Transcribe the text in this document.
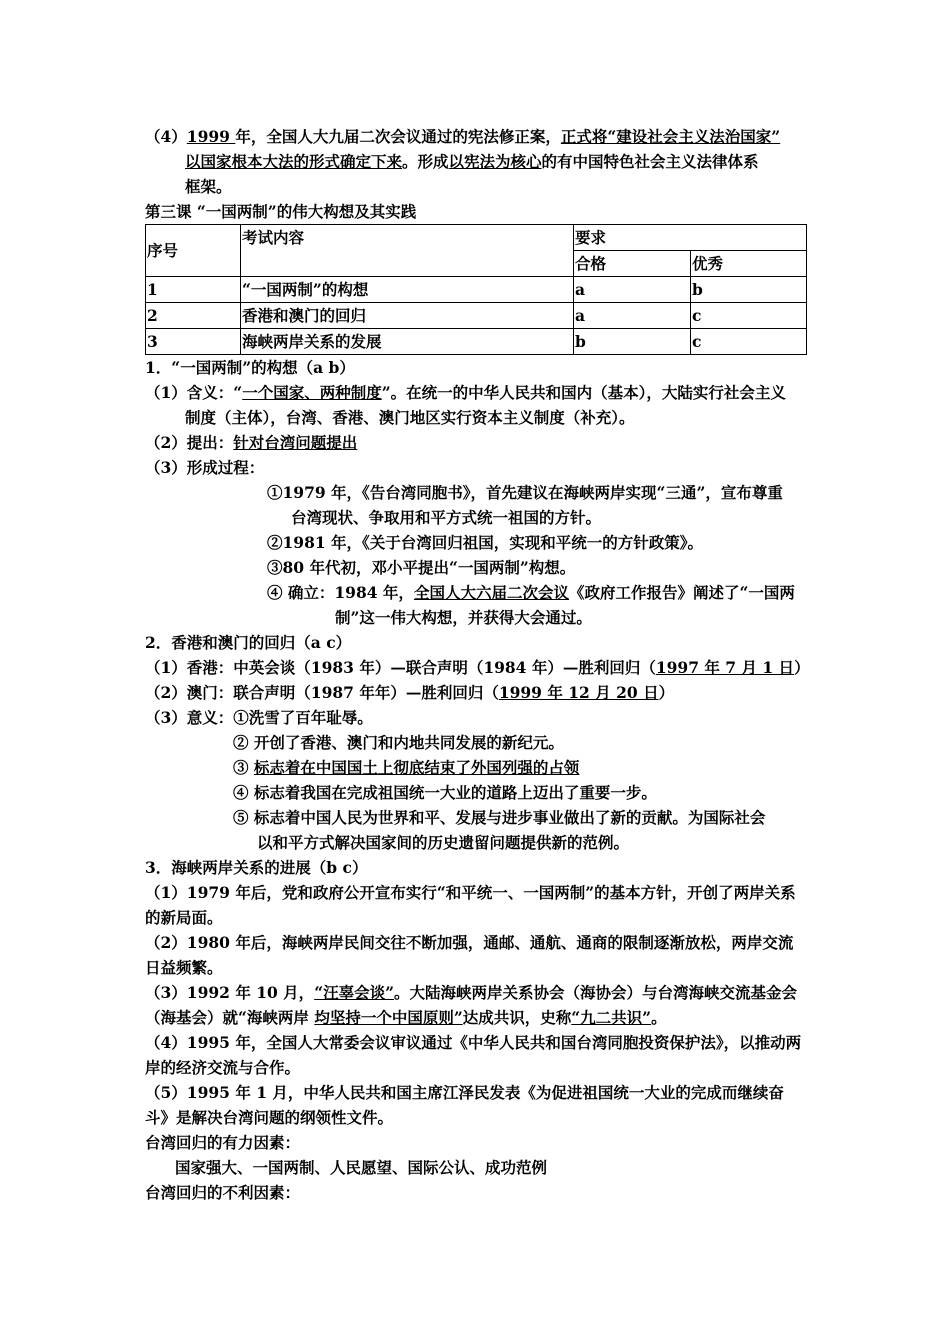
（4）1999 年，全国人大九届二次会议通过的宪法修正案，正式将“建设社会主义法治国家”
以国家根本大法的形式确定下来。形成以宪法为核心的有中国特色社会主义法律体系
框架。
第三课 “一国两制”的伟大构想及其实践
序号	考试内容	要求	
		合格	优秀
1	“一国两制”的构想	a	b
2	香港和澳门的回归	a	c
3	海峡两岸关系的发展	b	c
1．“一国两制”的构想（a b）
（1）含义：“一个国家、两种制度”。在统一的中华人民共和国内（基本），大陆实行社会主义
制度（主体），台湾、香港、澳门地区实行资本主义制度（补充）。
（2）提出：针对台湾问题提出
（3）形成过程：
①1979 年，《告台湾同胞书》，首先建议在海峡两岸实现“三通”，宣布尊重
台湾现状、争取用和平方式统一祖国的方针。
②1981 年，《关于台湾回归祖国，实现和平统一的方针政策》。
③80 年代初，邓小平提出“一国两制”构想。
④ 确立：1984 年，全国人大六届二次会议《政府工作报告》阐述了“一国两
制”这一伟大构想，并获得大会通过。
2．香港和澳门的回归（a c）
（1）香港：中英会谈（1983 年）—联合声明（1984 年）—胜利回归（1997 年 7 月 1 日）
（2）澳门：联合声明（1987 年年）—胜利回归（1999 年 12 月 20 日）
（3）意义：①洗雪了百年耻辱。
② 开创了香港、澳门和内地共同发展的新纪元。
③ 标志着在中国国土上彻底结束了外国列强的占领
④ 标志着我国在完成祖国统一大业的道路上迈出了重要一步。
⑤ 标志着中国人民为世界和平、发展与进步事业做出了新的贡献。为国际社会
以和平方式解决国家间的历史遗留问题提供新的范例。
3．海峡两岸关系的进展（b c）
（1）1979 年后，党和政府公开宣布实行“和平统一、一国两制”的基本方针，开创了两岸关系的新局面。
（2）1980 年后，海峡两岸民间交往不断加强，通邮、通航、通商的限制逐渐放松，两岸交流日益频繁。
（3）1992 年 10 月，“汪辜会谈”。大陆海峡两岸关系协会（海协会）与台湾海峡交流基金会（海基会）就“海峡两岸 均坚持一个中国原则”达成共识，史称“九二共识”。
（4）1995 年，全国人大常委会议审议通过《中华人民共和国台湾同胞投资保护法》，以推动两岸的经济交流与合作。
（5）1995 年 1 月，中华人民共和国主席江泽民发表《为促进祖国统一大业的完成而继续奋斗》是解决台湾问题的纲领性文件。
台湾回归的有力因素：
国家强大、一国两制、人民愿望、国际公认、成功范例
台湾回归的不利因素：
